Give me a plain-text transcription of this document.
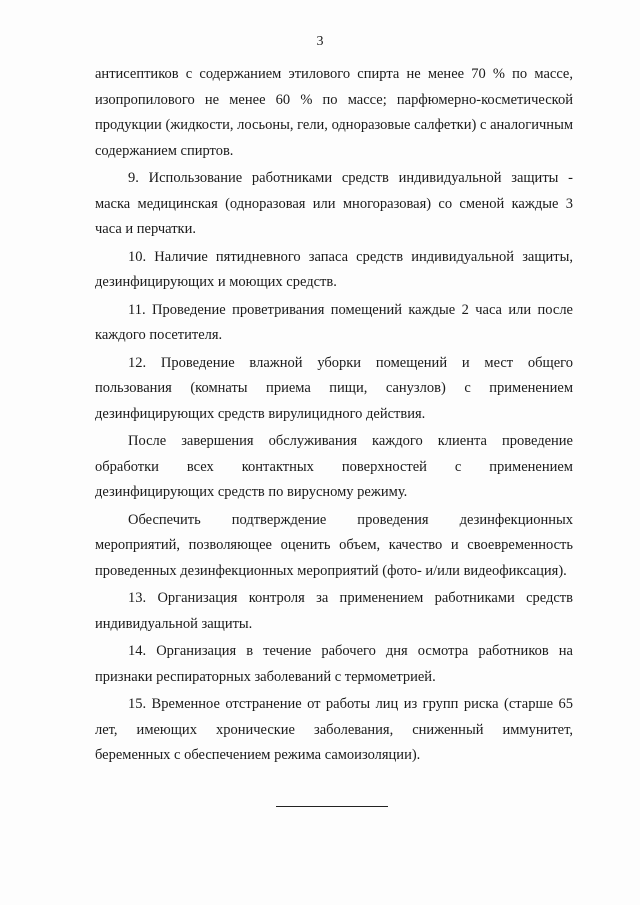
3

антисептиков с содержанием этилового спирта не менее 70 % по массе, изопропилового не менее 60 % по массе; парфюмерно-косметической продукции (жидкости, лосьоны, гели, одноразовые салфетки) с аналогичным содержанием спиртов.

9. Использование работниками средств индивидуальной защиты - маска медицинская (одноразовая или многоразовая) со сменой каждые 3 часа и перчатки.

10. Наличие пятидневного запаса средств индивидуальной защиты, дезинфицирующих и моющих средств.

11. Проведение проветривания помещений каждые 2 часа или после каждого посетителя.

12. Проведение влажной уборки помещений и мест общего пользования (комнаты приема пищи, санузлов) с применением дезинфицирующих средств вирулицидного действия.

После завершения обслуживания каждого клиента проведение обработки всех контактных поверхностей с применением дезинфицирующих средств по вирусному режиму.

Обеспечить подтверждение проведения дезинфекционных мероприятий, позволяющее оценить объем, качество и своевременность проведенных дезинфекционных мероприятий (фото- и/или видеофиксация).

13. Организация контроля за применением работниками средств индивидуальной защиты.

14. Организация в течение рабочего дня осмотра работников на признаки респираторных заболеваний с термометрией.

15. Временное отстранение от работы лиц из групп риска (старше 65 лет, имеющих хронические заболевания, сниженный иммунитет, беременных с обеспечением режима самоизоляции).
